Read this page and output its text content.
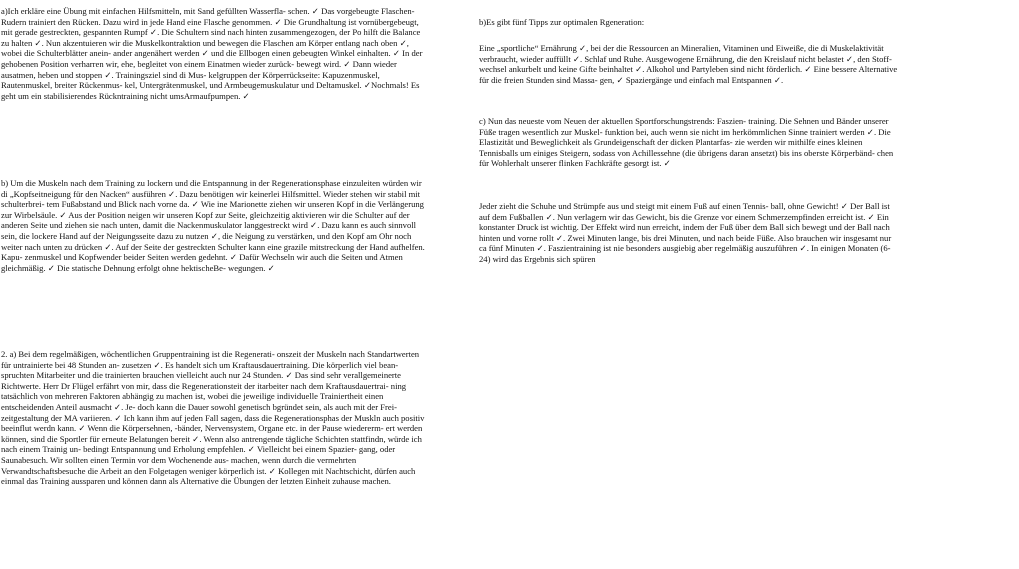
a)Ich erkläre eine Übung mit einfachen Hilfsmitteln, mit Sand gefüllten Wasserfla- schen. ✓ Das vorgebeugte Flaschen-Rudern trainiert den Rücken. Dazu wird in jede Hand eine Flasche genommen. ✓ Die Grundhaltung ist vornübergebeugt, mit gerade gestreckten, gespannten Rumpf ✓. Die Schultern sind nach hinten zusammengezogen, der Po hilft die Balance zu halten ✓. Nun akzentuieren wir die Muskelkontraktion und bewegen die Flaschen am Körper entlang nach oben ✓, wobei die Schulterblätter anein- ander angenähert werden ✓ und die Ellbogen einen gebeugten Winkel einhalten. ✓ In der gehobenen Position verharren wir, ehe, begleitet von einem Einatmen wieder zurück- bewegt wird. ✓ Dann wieder ausatmen, heben und stoppen ✓. Trainingsziel sind di Mus- kelgruppen der Körperrückseite: Kapuzenmuskel, Rautenmuskel, breiter Rückenmus- kel, Untergrätenmuskel, und Armbeugemuskulatur und Deltamuskel. ✓Nochmals! Es geht um ein stabilisierendes Rückntraining nicht umsArmaufpumpen. ✓

b) Um die Muskeln nach dem Training zu lockern und die Entspannung in der Regenerationsphase einzuleiten würden wir di „Kopfseitneigung für den Nacken“ ausführen ✓. Dazu benötigen wir keinerlei Hilfsmittel. Wieder stehen wir stabil mit schulterbrei- tem Fußabstand und Blick nach vorne da. ✓ Wie ine Marionette ziehen wir unseren Kopf in die Verlängerung zur Wirbelsäule. ✓ Aus der Position neigen wir unseren Kopf zur Seite, gleichzeitig aktivieren wir die Schulter auf der anderen Seite und ziehen sie nach unten, damit die Nackenmuskulator langgestreckt wird ✓. Dazu kann es auch sinnvoll sein, die lockere Hand auf der Neigungsseite dazu zu nutzen ✓, die Neigung zu verstärken, und den Kopf am Ohr noch weiter nach unten zu drücken ✓. Auf der Seite der gestreckten Schulter kann eine grazile mitstreckung der Hand aufhelfen. Kapu- zenmuskel und Kopfwender beider Seiten werden gedehnt. ✓ Dafür Wechseln wir auch die Seiten und Atmen gleichmäßig. ✓ Die statische Dehnung erfolgt ohne hektischeBe- wegungen. ✓

2. a) Bei dem regelmäßigen, wöchentlichen Gruppentraining ist die Regenerati- onszeit der Muskeln nach Standartwerten für untrainierte bei 48 Stunden an- zusetzen ✓. Es handelt sich um Kraftausdauertraining. Die körperlich viel bean- spruchten Mitarbeiter und die trainierten brauchen vielleicht auch nur 24 Stunden. ✓ Das sind sehr verallgemeinerte Richtwerte. Herr Dr Flügel erfährt von mir, dass die Regenerationsteit der itarbeiter nach dem Kraftausdauertrai- ning tatsächlich von mehreren Faktoren abhängig zu machen ist, wobei die jeweilige individuelle Trainiertheit einen entscheidenden Anteil ausmacht ✓. Je- doch kann die Dauer sowohl genetisch bgründet sein, als auch mit der Frei- zeitgestaltung der MA variieren. ✓ Ich kann ihm auf jeden Fall sagen, dass die Regenerationsphas der Muskln auch positiv beeinflut werdn kann. ✓ Wenn die Körpersehnen, -bänder, Nervensystem, Organe etc. in der Pause wiedererm- ert werden können, sind die Sportler für erneute Belatungen bereit ✓. Wenn also antrengende tägliche Schichten stattfindn, würde ich nach einem Trainig un- bedingt Entspannung und Erholung empfehlen. ✓ Vielleicht bei einem Spazier- gang, oder Saunabesuch. Wir sollten einen Termin vor dem Wochenende aus- machen, wenn durch die vermehrten Verwandtschaftsbesuche die Arbeit an den Folgetagen weniger körperlich ist. ✓ Kollegen mit Nachtschicht, dürfen auch einmal das Training aussparen und können dann als Alternative die Übungen der letzten Einheit zuhause machen.

b)Es gibt fünf Tipps zur optimalen Rgeneration:

Eine „sportliche“ Ernährung ✓, bei der die Ressourcen an Mineralien, Vitaminen und Eiweiße, die di Muskelaktivität verbraucht, wieder auffüllt ✓. Schlaf und Ruhe. Ausgewogene Ernährung, die den Kreislauf nicht belastet ✓, den Stoff- wechsel ankurbelt und keine Gifte beinhaltet ✓. Alkohol und Partyleben sind nicht förderlich. ✓ Eine bessere Alternative für die freien Stunden sind Massa- gen, ✓ Spaziergänge und einfach mal Entspannen ✓.

c) Nun das neueste vom Neuen der aktuellen Sportforschungstrends: Faszien- training. Die Sehnen und Bänder unserer Füße tragen wesentlich zur Muskel- funktion bei, auch wenn sie nicht im herkömmlichen Sinne trainiert werden ✓. Die Elastizität und Beweglichkeit als Grundeigenschaft der dicken Plantarfas- zie werden wir mithilfe eines kleinen Tennisballs um einiges Steigern, sodass von Achillessehne (die übrigens daran ansetzt) bis ins oberste Körperbänd- chen für Wohlerhalt unserer flinken Fachkräfte gesorgt ist. ✓

Jeder zieht die Schuhe und Strümpfe aus und steigt mit einem Fuß auf einen Tennis- ball, ohne Gewicht! ✓ Der Ball ist auf dem Fußballen ✓. Nun verlagern wir das Gewicht, bis die Grenze vor einem Schmerzempfinden erreicht ist. ✓ Ein konstanter Druck ist wichtig. Der Effekt wird nun erreicht, indem der Fuß über dem Ball sich bewegt und der Ball nach hinten und vorne rollt ✓. Zwei Minuten lange, bis drei Minuten, und nach beide Füße. Also brauchen wir insgesamt nur ca fünf Minuten ✓. Faszientraining ist nie besonders ausgiebig aber regelmäßig auszuführen ✓. In einigen Monaten (6-24) wird das Ergebnis sich spüren
